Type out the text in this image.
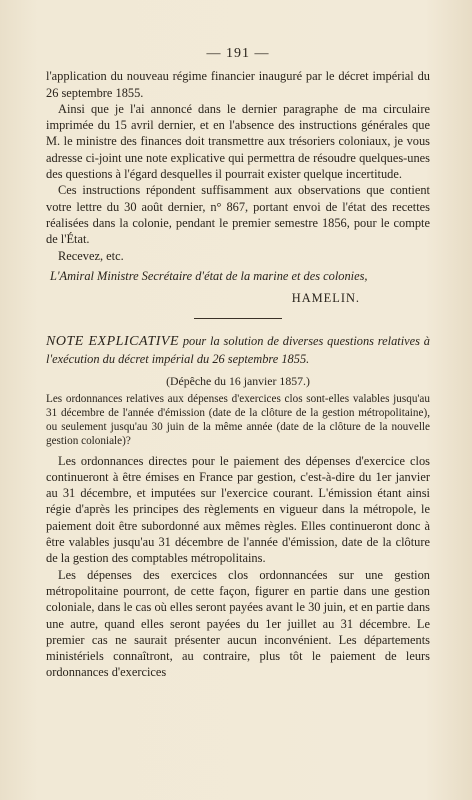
— 191 —

l'application du nouveau régime financier inauguré par le décret impérial du 26 septembre 1855.

Ainsi que je l'ai annoncé dans le dernier paragraphe de ma circulaire imprimée du 15 avril dernier, et en l'absence des instructions générales que M. le ministre des finances doit transmettre aux trésoriers coloniaux, je vous adresse ci-joint une note explicative qui permettra de résoudre quelques-unes des questions à l'égard desquelles il pourrait exister quelque incertitude.

Ces instructions répondent suffisamment aux observations que contient votre lettre du 30 août dernier, n° 867, portant envoi de l'état des recettes réalisées dans la colonie, pendant le premier semestre 1856, pour le compte de l'État.

Recevez, etc.

L'Amiral Ministre Secrétaire d'état de la marine et des colonies,

HAMELIN.

NOTE EXPLICATIVE pour la solution de diverses questions relatives à l'exécution du décret impérial du 26 septembre 1855.

(Dépêche du 16 janvier 1857.)

Les ordonnances relatives aux dépenses d'exercices clos sont-elles valables jusqu'au 31 décembre de l'année d'émission (date de la clôture de la gestion métropolitaine), ou seulement jusqu'au 30 juin de la même année (date de la clôture de la nouvelle gestion coloniale)?

Les ordonnances directes pour le paiement des dépenses d'exercice clos continueront à être émises en France par gestion, c'est-à-dire du 1er janvier au 31 décembre, et imputées sur l'exercice courant. L'émission étant ainsi régie d'après les principes des règlements en vigueur dans la métropole, le paiement doit être subordonné aux mêmes règles. Elles continueront donc à être valables jusqu'au 31 décembre de l'année d'émission, date de la clôture de la gestion des comptables métropolitains.

Les dépenses des exercices clos ordonnancées sur une gestion métropolitaine pourront, de cette façon, figurer en partie dans une gestion coloniale, dans le cas où elles seront payées avant le 30 juin, et en partie dans une autre, quand elles seront payées du 1er juillet au 31 décembre. Le premier cas ne saurait présenter aucun inconvénient. Les départements ministériels connaîtront, au contraire, plus tôt le paiement de leurs ordonnances d'exercices
